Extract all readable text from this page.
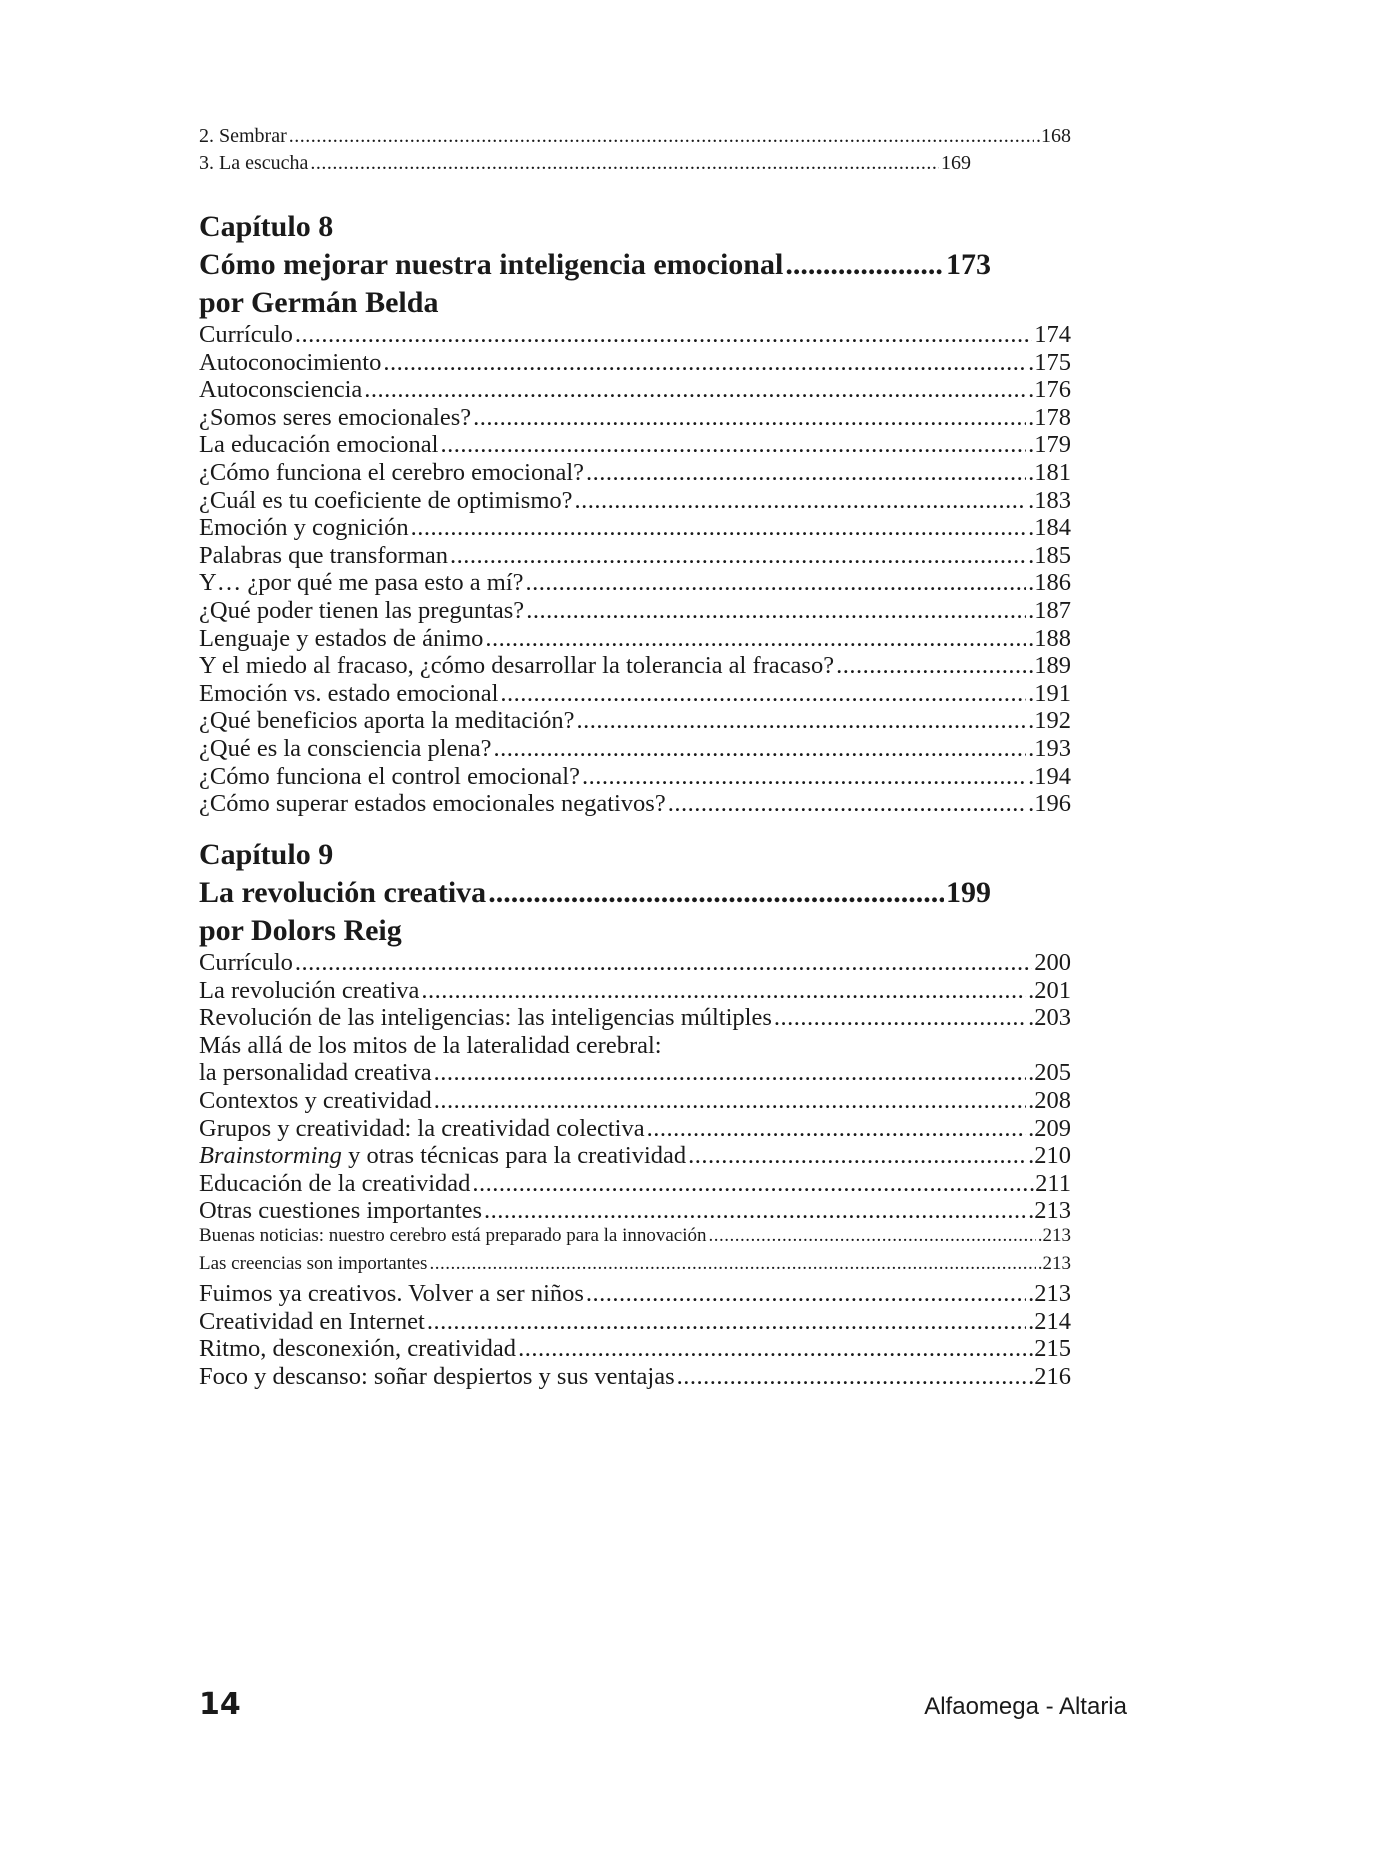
2. Sembrar .....	.168
3. La escucha .....	169
Capítulo 8
Cómo mejorar nuestra inteligencia emocional .....	173
por Germán Belda
Currículo .....	174
Autoconocimiento .....	.175
Autoconsciencia .....	.176
¿Somos seres emocionales? .....	.178
La educación emocional .....	.179
¿Cómo funciona el cerebro emocional? .....	.181
¿Cuál es tu coeficiente de optimismo? .....	.183
Emoción y cognición .....	.184
Palabras que transforman .....	.185
Y… ¿por qué me pasa esto a mí? .....	.186
¿Qué poder tienen las preguntas? .....	.187
Lenguaje y estados de ánimo .....	.188
Y el miedo al fracaso, ¿cómo desarrollar la tolerancia al fracaso? .....	.189
Emoción vs. estado emocional .....	.191
¿Qué beneficios aporta la meditación? .....	.192
¿Qué es la consciencia plena? .....	.193
¿Cómo funciona el control emocional? .....	.194
¿Cómo superar estados emocionales negativos? .....	.196
Capítulo 9
La revolución creativa .....	199
por Dolors Reig
Currículo .....	200
La revolución creativa .....	.201
Revolución de las inteligencias: las inteligencias múltiples .....	.203
Más allá de los mitos de la lateralidad cerebral:
la personalidad creativa .....	.205
Contextos y creatividad .....	.208
Grupos y creatividad: la creatividad colectiva .....	.209
Brainstorming y otras técnicas para la creatividad .....	.210
Educación de la creatividad .....	.211
Otras cuestiones importantes .....	.213
Buenas noticias: nuestro cerebro está preparado para la innovación .....	.213
Las creencias son importantes .....	.213
Fuimos ya creativos. Volver a ser niños .....	.213
Creatividad en Internet .....	.214
Ritmo, desconexión, creatividad .....	.215
Foco y descanso: soñar despiertos y sus ventajas .....	.216
14	Alfaomega - Altaria
